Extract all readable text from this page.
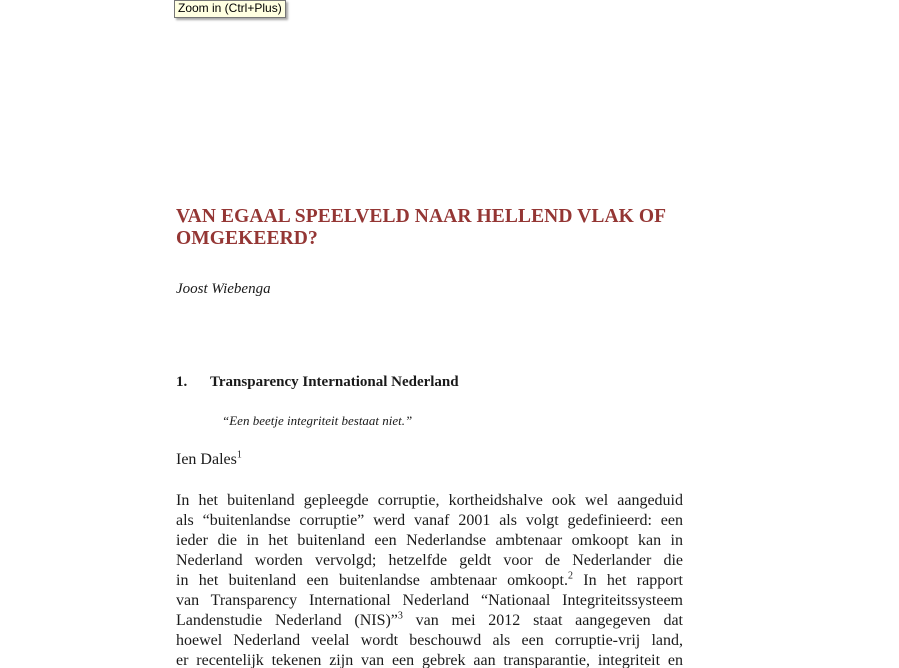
Zoom in (Ctrl+Plus)
VAN EGAAL SPEELVELD NAAR HELLEND VLAK OF OMGEKEERD?

Joost Wiebenga

1. Transparency International Nederland

“Een beetje integriteit bestaat niet.”

Ien Dales$^1$

In het buitenland gepleegde corruptie, kortheidshalve ook wel aangeduid
als “buitenlandse corruptie” werd vanaf 2001 als volgt gedefinieerd: een
ieder die in het buitenland een Nederlandse ambtenaar omkoopt kan in
Nederland worden vervolgd; hetzelfde geldt voor de Nederlander die
in het buitenland een buitenlandse ambtenaar omkoopt.$^2$ In het rapport
van Transparency International Nederland “Nationaal Integriteitssysteem
Landenstudie Nederland (NIS)”$^3$ van mei 2012 staat aangegeven dat
hoewel Nederland veelal wordt beschouwd als een corruptie-vrij land,
er recentelijk tekenen zijn van een gebrek aan transparantie, integriteit en
